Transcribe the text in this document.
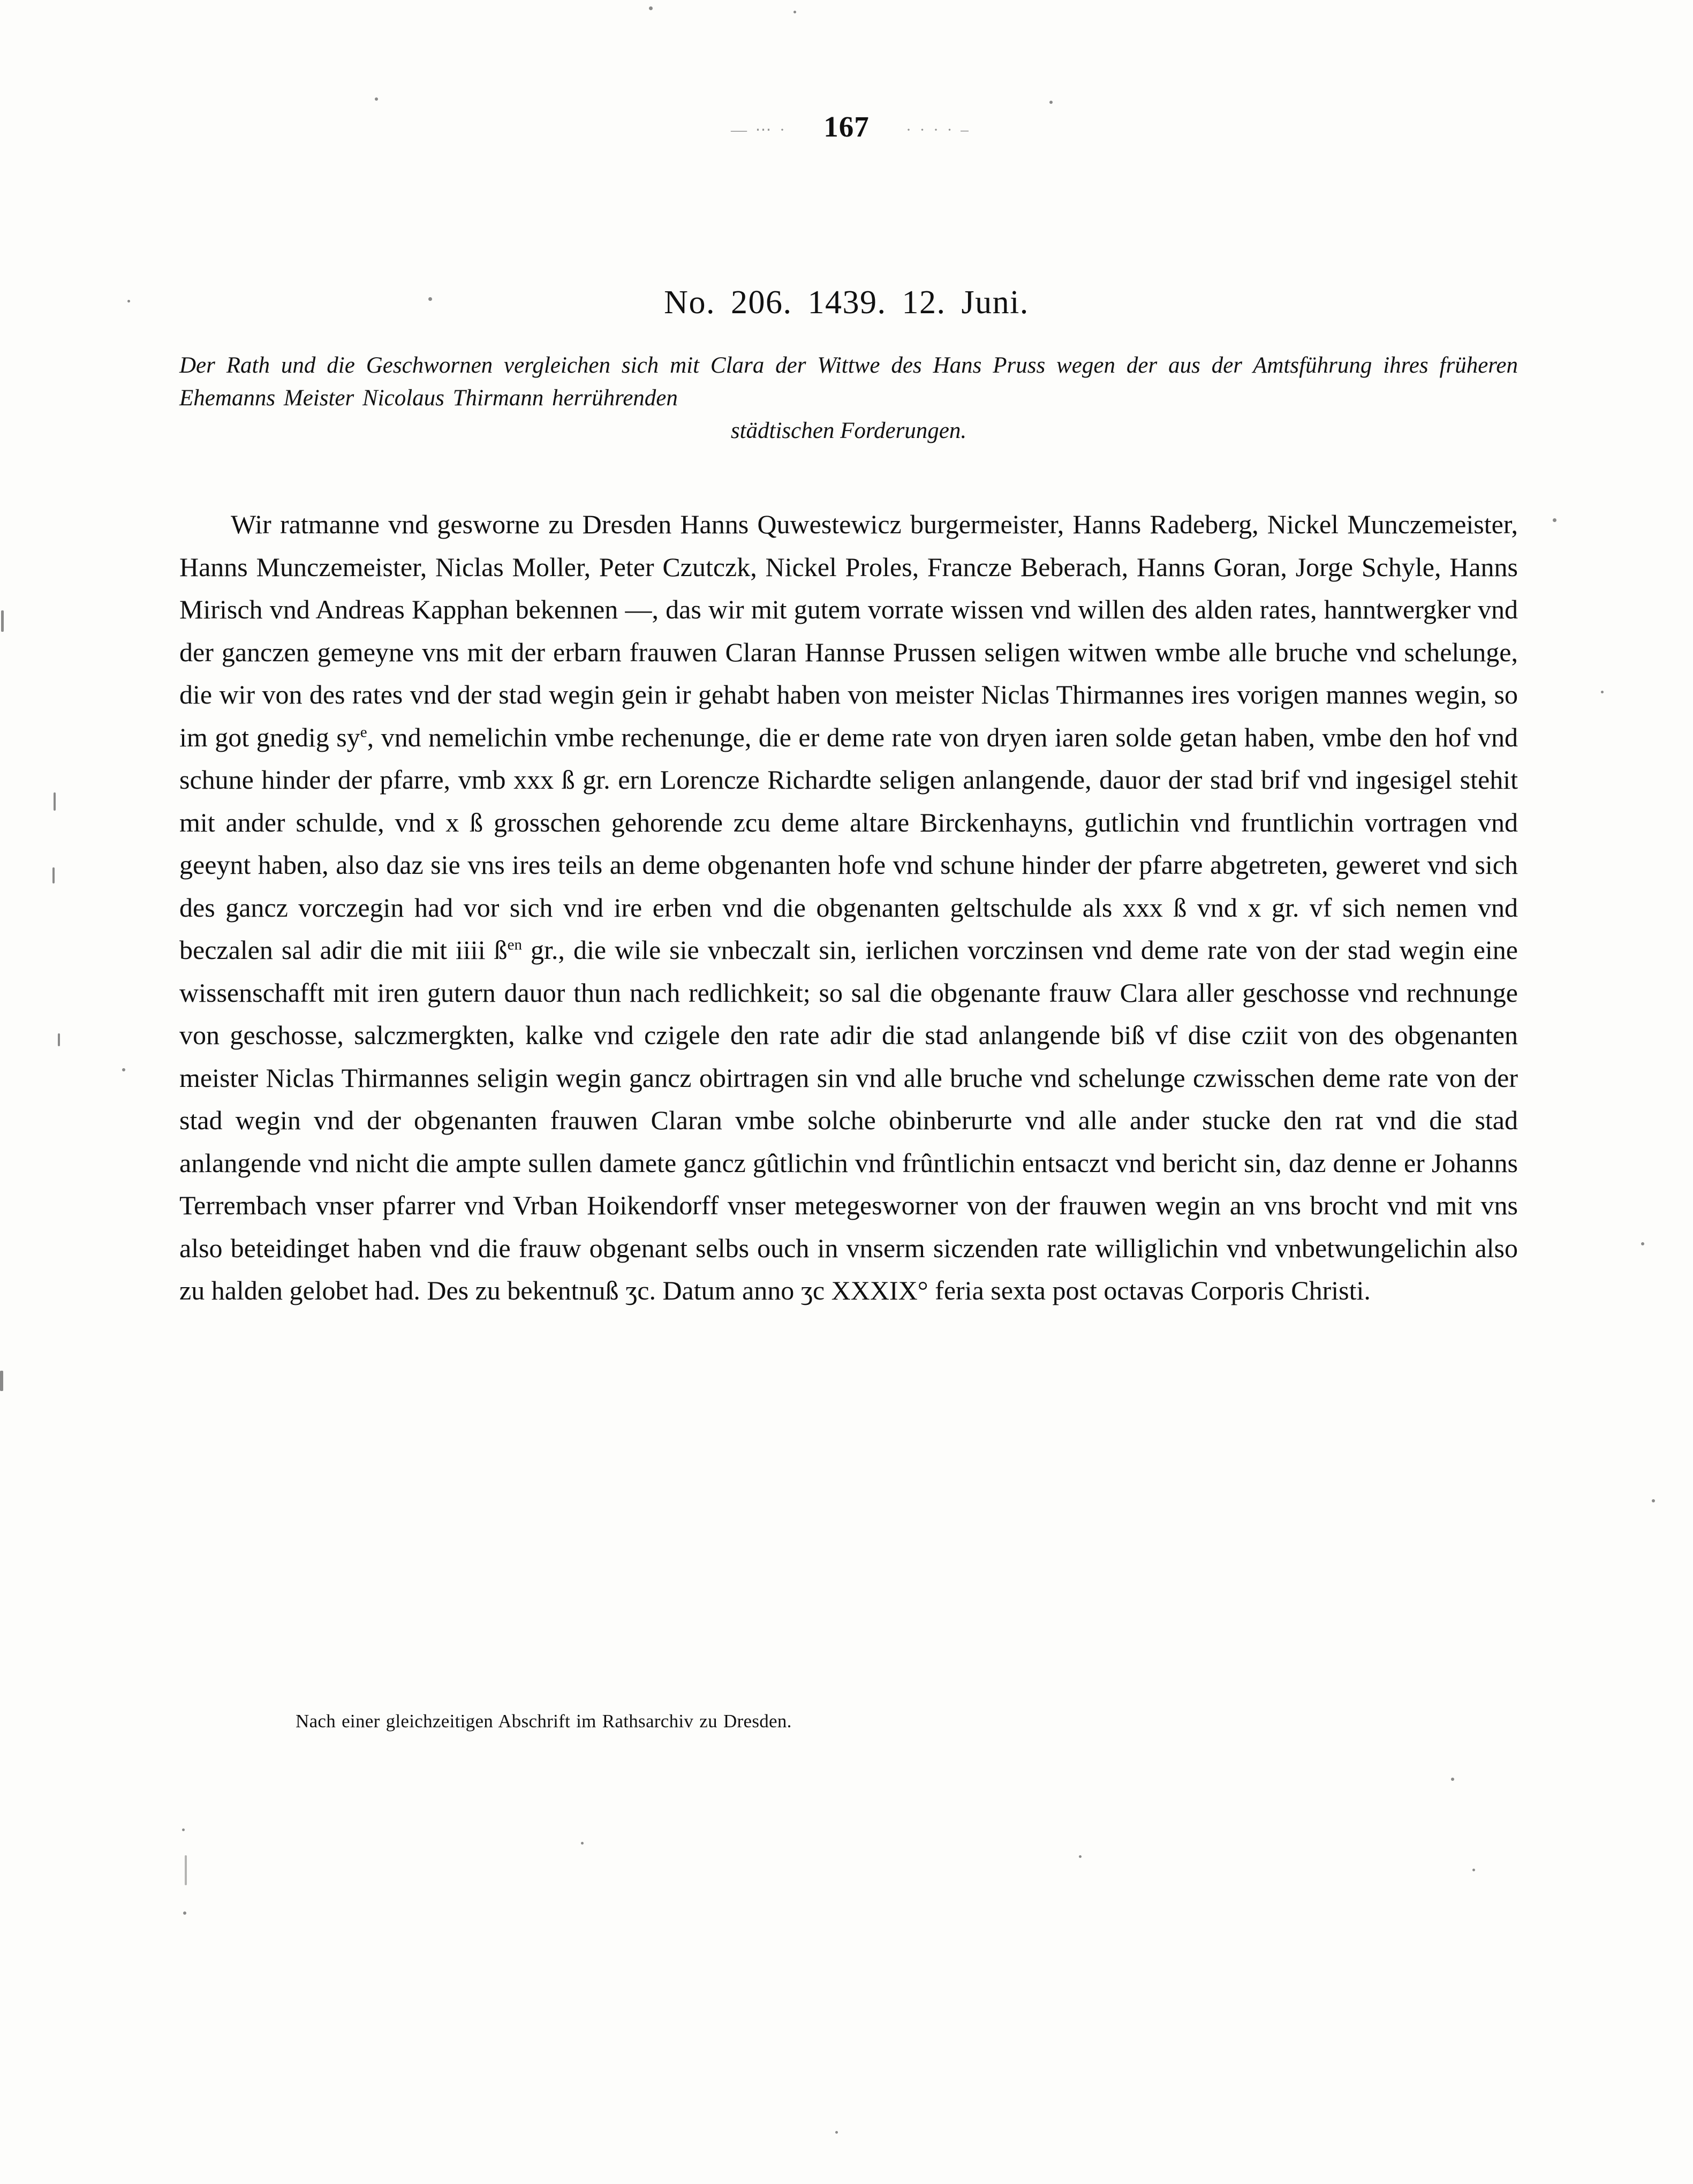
— ⋯ · 167 · · · · ⎯
No. 206. 1439. 12. Juni.
Der Rath und die Geschwornen vergleichen sich mit Clara der Wittwe des Hans Pruss wegen der aus der Amtsführung ihres früheren Ehemanns Meister Nicolaus Thirmann herrührenden
städtischen Forderungen.
Wir ratmanne vnd gesworne zu Dresden Hanns Quwestewicz burgermeister, Hanns Radeberg, Nickel Munczemeister, Hanns Munczemeister, Niclas Moller, Peter Czutczk, Nickel Proles, Francze Beberach, Hanns Goran, Jorge Schyle, Hanns Mirisch vnd Andreas Kapphan bekennen —, das wir mit gutem vorrate wissen vnd willen des alden rates, hanntwergker vnd der ganczen gemeyne vns mit der erbarn frauwen Claran Hannse Prussen seligen witwen wmbe alle bruche vnd schelunge, die wir von des rates vnd der stad wegin gein ir gehabt haben von meister Niclas Thirmannes ires vorigen mannes wegin, so im got gnedig $sy^e$, vnd nemelichin vmbe rechenunge, die er deme rate von dryen iaren solde getan haben, vmbe den hof vnd schune hinder der pfarre, vmb xxx ß gr. ern Lorencze Richardte seligen anlangende, dauor der stad brif vnd ingesigel stehit mit ander schulde, vnd x ß grosschen gehorende zcu deme altare Birckenhayns, gutlichin vnd fruntlichin vortragen vnd geeynt haben, also daz sie vns ires teils an deme obgenanten hofe vnd schune hinder der pfarre abgetreten, geweret vnd sich des gancz vorczegin had vor sich vnd ire erben vnd die obgenanten geltschulde als xxx ß vnd x gr. vf sich nemen vnd beczalen sal adir die mit iiii $ß^{en}$ gr., die wile sie vnbeczalt sin, ierlichen vorczinsen vnd deme rate von der stad wegin eine wissenschafft mit iren gutern dauor thun nach redlichkeit; so sal die obgenante frauw Clara aller geschosse vnd rechnunge von geschosse, salczmergkten, kalke vnd czigele den rate adir die stad anlangende biß vf dise cziit von des obgenanten meister Niclas Thirmannes seligin wegin gancz obirtragen sin vnd alle bruche vnd schelunge czwisschen deme rate von der stad wegin vnd der obgenanten frauwen Claran vmbe solche obinberurte vnd alle ander stucke den rat vnd die stad anlangende vnd nicht die ampte sullen damete gancz gûtlichin vnd frûntlichin entsaczt vnd bericht sin, daz denne er Johanns Terrembach vnser pfarrer vnd Vrban Hoikendorff vnser metegesworner von der frauwen wegin an vns brocht vnd mit vns also beteidinget haben vnd die frauw obgenant selbs ouch in vnserm siczenden rate williglichin vnd vnbetwungelichin also zu halden gelobet had. Des zu bekentnuß ʒc. Datum anno ʒc XXXIX° feria sexta post octavas Corporis Christi.
Nach einer gleichzeitigen Abschrift im Rathsarchiv zu Dresden.
